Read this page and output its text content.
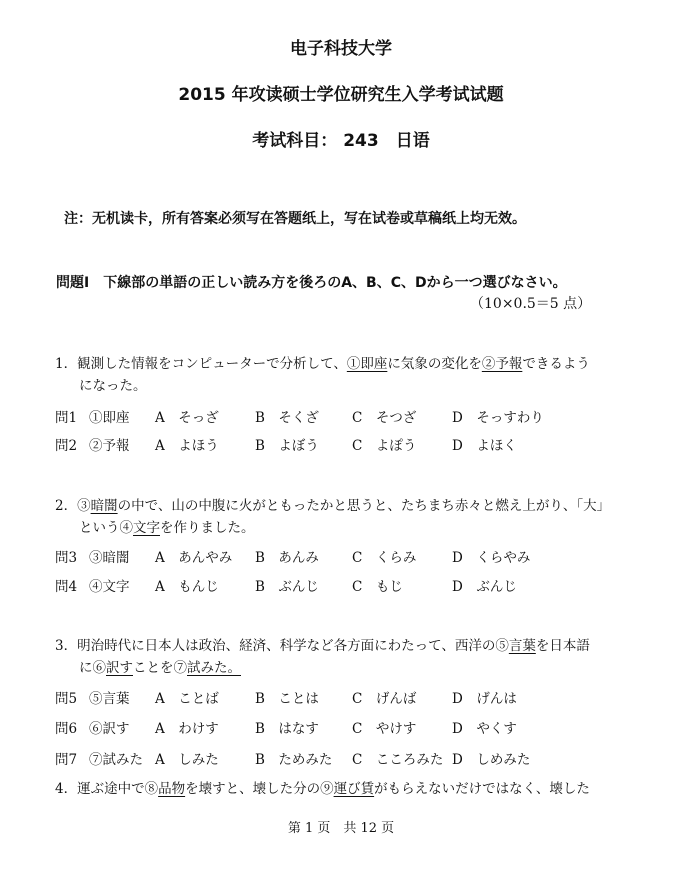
电子科技大学
2015 年攻读硕士学位研究生入学考试试题
考试科目： 243　日语
注：无机读卡，所有答案必须写在答题纸上，写在试卷或草稿纸上均无效。
問題Ⅰ　下線部の単語の正しい読み方を後ろのA、B、C、Dから一つ選びなさい。
（10×0.5＝5 点）
1．観測した情報をコンピューターで分析して、①即座に気象の変化を②予報できるよう
になった。
問1 ①即座 A　そっざ	B　そくざ C　そつざ	D　そっすわり
問2 ②予報 A　よほう	B　よぼう C　よぽう	D　よほく
2．③暗闇の中で、山の中腹に火がともったかと思うと、たちまち赤々と燃え上がり、「大」
という④文字を作りました。
問3 ③暗闇 A　あんやみ B　あんみ C　くらみ	D　くらやみ
問4 ④文字 A　もんじ	B　ぶんじ C　もじ	D　ぶんじ
3．明治時代に日本人は政治、経済、科学など各方面にわたって、西洋の⑤言葉を日本語
に⑥訳すことを⑦試みた。
問5 ⑤言葉 A　ことば	B　ことは C　げんば	D　げんは
問6 ⑥訳す A　わけす	B　はなす C　やけす	D　やくす
問7 ⑦試みた A　しみた	B　ためみた C　こころみた D　しめみた
4．運ぶ途中で⑧品物を壊すと、壊した分の⑨運び賃がもらえないだけではなく、壊した
第 1 页　共 12 页
